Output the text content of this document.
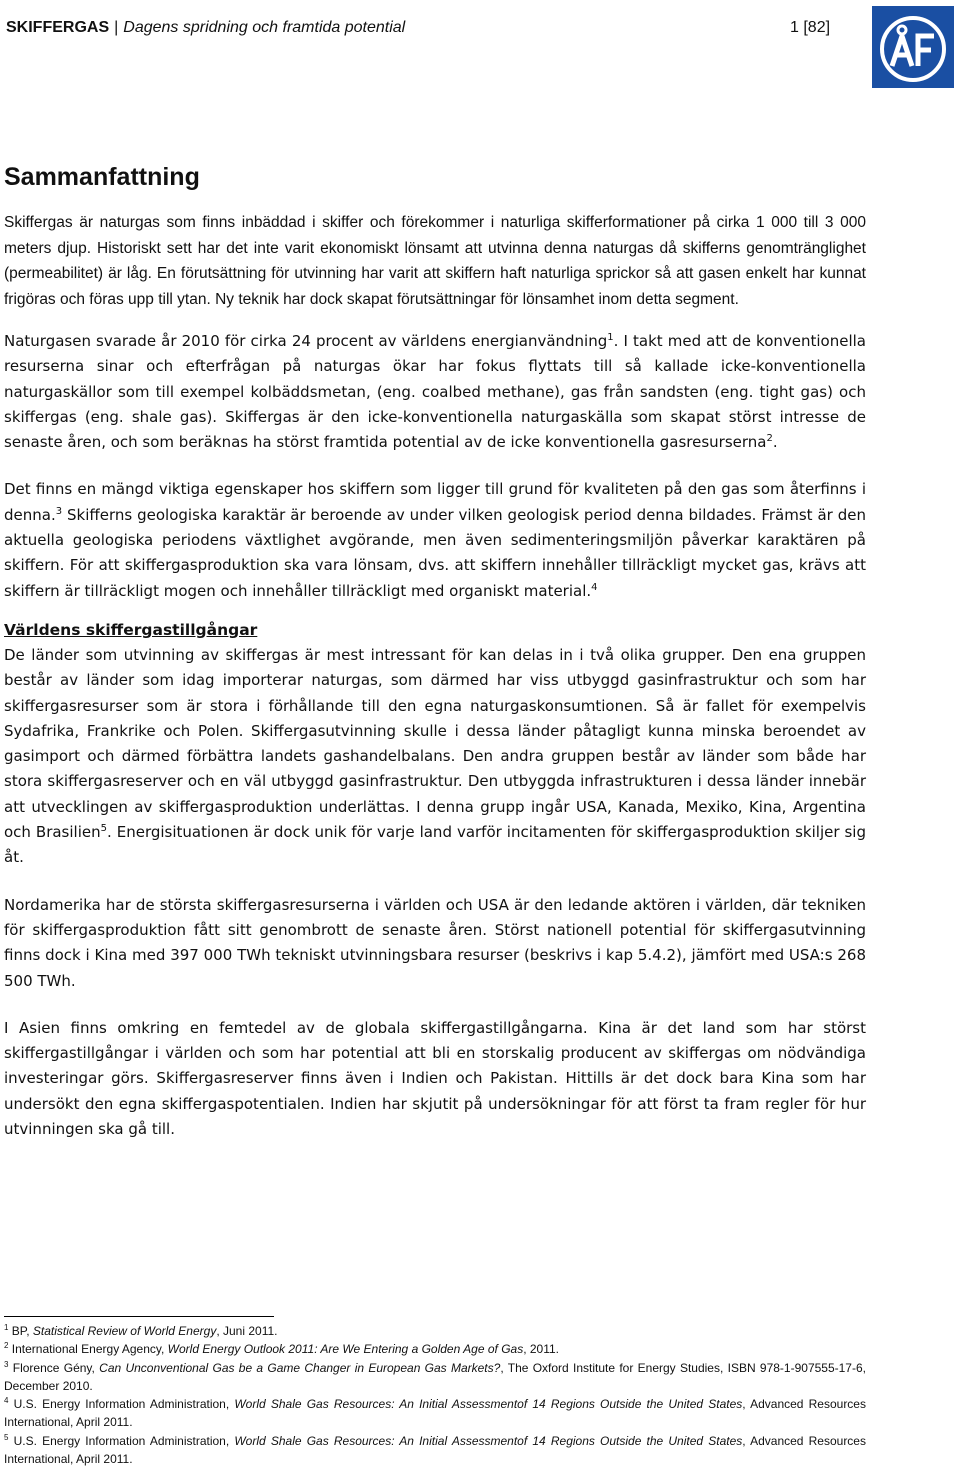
SKIFFERGAS | Dagens spridning och framtida potential	1 [82]
Sammanfattning

Skiffergas är naturgas som finns inbäddad i skiffer och förekommer i naturliga skifferformationer på cirka 1 000 till 3 000 meters djup. Historiskt sett har det inte varit ekonomiskt lönsamt att utvinna denna naturgas då skifferns genomtränglighet (permeabilitet) är låg. En förutsättning för utvinning har varit att skiffern haft naturliga sprickor så att gasen enkelt har kunnat frigöras och föras upp till ytan. Ny teknik har dock skapat förutsättningar för lönsamhet inom detta segment.

Naturgasen svarade år 2010 för cirka 24 procent av världens energianvändning$^1$. I takt med att de konventionella resurserna sinar och efterfrågan på naturgas ökar har fokus flyttats till så kallade icke-konventionella naturgaskällor som till exempel kolbäddsmetan, (eng. coalbed methane), gas från sandsten (eng. tight gas) och skiffergas (eng. shale gas). Skiffergas är den icke-konventionella naturgaskälla som skapat störst intresse de senaste åren, och som beräknas ha störst framtida potential av de icke konventionella gasresurserna$^2$.

Det finns en mängd viktiga egenskaper hos skiffern som ligger till grund för kvaliteten på den gas som återfinns i denna.$^3$ Skifferns geologiska karaktär är beroende av under vilken geologisk period denna bildades. Främst är den aktuella geologiska periodens växtlighet avgörande, men även sedimenteringsmiljön påverkar karaktären på skiffern. För att skiffergasproduktion ska vara lönsam, dvs. att skiffern innehåller tillräckligt mycket gas, krävs att skiffern är tillräckligt mogen och innehåller tillräckligt med organiskt material.$^4$

Världens skiffergastillgångar

De länder som utvinning av skiffergas är mest intressant för kan delas in i två olika grupper. Den ena gruppen består av länder som idag importerar naturgas, som därmed har viss utbyggd gasinfrastruktur och som har skiffergasresurser som är stora i förhållande till den egna naturgaskonsumtionen. Så är fallet för exempelvis Sydafrika, Frankrike och Polen. Skiffergasutvinning skulle i dessa länder påtagligt kunna minska beroendet av gasimport och därmed förbättra landets gashandelbalans. Den andra gruppen består av länder som både har stora skiffergasreserver och en väl utbyggd gasinfrastruktur. Den utbyggda infrastrukturen i dessa länder innebär att utvecklingen av skiffergasproduktion underlättas. I denna grupp ingår USA, Kanada, Mexiko, Kina, Argentina och Brasilien$^5$. Energisituationen är dock unik för varje land varför incitamenten för skiffergasproduktion skiljer sig åt.

Nordamerika har de största skiffergasresurserna i världen och USA är den ledande aktören i världen, där tekniken för skiffergasproduktion fått sitt genombrott de senaste åren. Störst nationell potential för skiffergasutvinning finns dock i Kina med 397 000 TWh tekniskt utvinningsbara resurser (beskrivs i kap 5.4.2), jämfört med USA:s 268 500 TWh.

I Asien finns omkring en femtedel av de globala skiffergastillgångarna. Kina är det land som har störst skiffergastillgångar i världen och som har potential att bli en storskalig producent av skiffergas om nödvändiga investeringar görs. Skiffergasreserver finns även i Indien och Pakistan. Hittills är det dock bara Kina som har undersökt den egna skiffergaspotentialen. Indien har skjutit på undersökningar för att först ta fram regler för hur utvinningen ska gå till.

$^1$ BP, Statistical Review of World Energy, Juni 2011.
$^2$ International Energy Agency, World Energy Outlook 2011: Are We Entering a Golden Age of Gas, 2011.
$^3$ Florence Gény, Can Unconventional Gas be a Game Changer in European Gas Markets?, The Oxford Institute for Energy Studies, ISBN 978-1-907555-17-6, December 2010.
$^4$ U.S. Energy Information Administration, World Shale Gas Resources: An Initial Assessmentof 14 Regions Outside the United States, Advanced Resources International, April 2011.
$^5$ U.S. Energy Information Administration, World Shale Gas Resources: An Initial Assessmentof 14 Regions Outside the United States, Advanced Resources International, April 2011.
